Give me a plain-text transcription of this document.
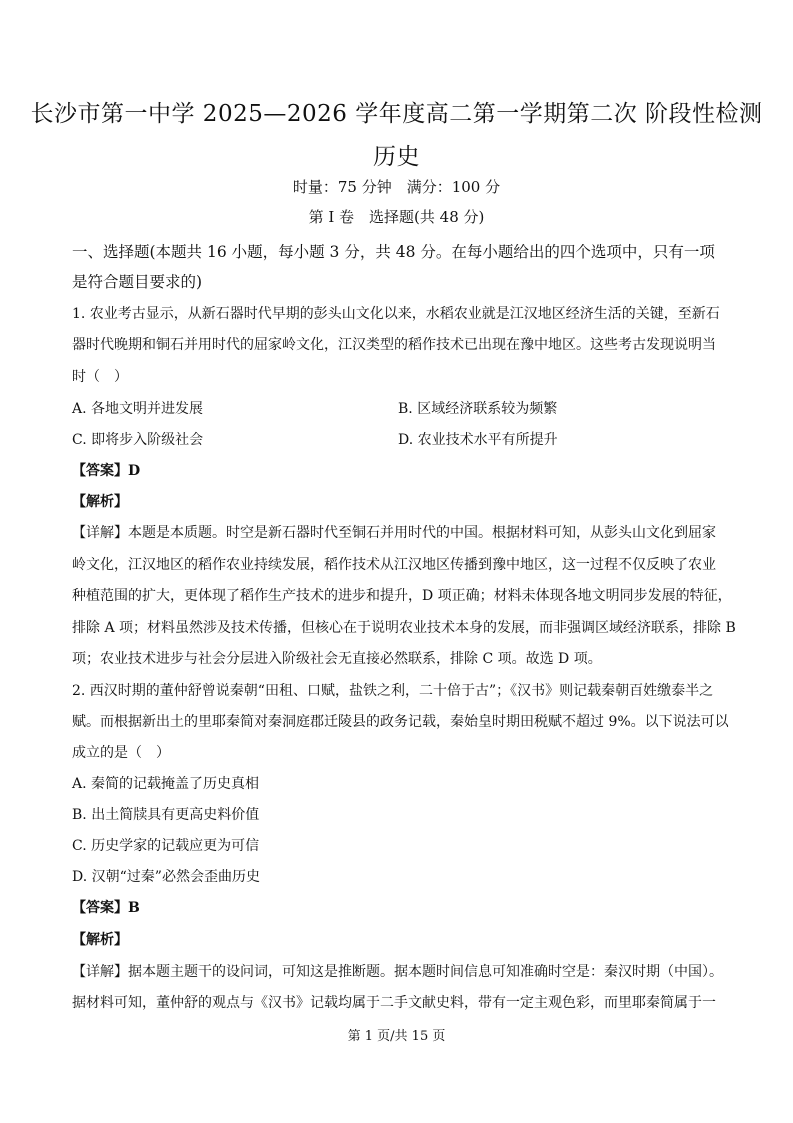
长沙市第一中学 2025—2026 学年度高二第一学期第二次 阶段性检测
历史
时量：75 分钟　满分：100 分
第 I 卷　选择题(共 48 分)
一、选择题(本题共 16 小题，每小题 3 分，共 48 分。在每小题给出的四个选项中，只有一项
是符合题目要求的)
1. 农业考古显示，从新石器时代早期的彭头山文化以来，水稻农业就是江汉地区经济生活的关键，至新石
器时代晚期和铜石并用时代的屈家岭文化，江汉类型的稻作技术已出现在豫中地区。这些考古发现说明当
时（　）
A. 各地文明并进发展	B. 区域经济联系较为频繁
C. 即将步入阶级社会	D. 农业技术水平有所提升
【答案】D
【解析】
【详解】本题是本质题。时空是新石器时代至铜石并用时代的中国。根据材料可知，从彭头山文化到屈家
岭文化，江汉地区的稻作农业持续发展，稻作技术从江汉地区传播到豫中地区，这一过程不仅反映了农业
种植范围的扩大，更体现了稻作生产技术的进步和提升，D 项正确；材料未体现各地文明同步发展的特征，
排除 A 项；材料虽然涉及技术传播，但核心在于说明农业技术本身的发展，而非强调区域经济联系，排除 B
项；农业技术进步与社会分层进入阶级社会无直接必然联系，排除 C 项。故选 D 项。
2. 西汉时期的董仲舒曾说秦朝“田租、口赋，盐铁之利，二十倍于古”；《汉书》则记载秦朝百姓缴泰半之
赋。而根据新出土的里耶秦简对秦洞庭郡迁陵县的政务记载，秦始皇时期田税赋不超过 9%。以下说法可以
成立的是（　）
A. 秦简的记载掩盖了历史真相
B. 出土简牍具有更高史料价值
C. 历史学家的记载应更为可信
D. 汉朝“过秦”必然会歪曲历史
【答案】B
【解析】
【详解】据本题主题干的设问词，可知这是推断题。据本题时间信息可知准确时空是：秦汉时期（中国）。
据材料可知，董仲舒的观点与《汉书》记载均属于二手文献史料，带有一定主观色彩，而里耶秦简属于一
第 1 页/共 15 页
